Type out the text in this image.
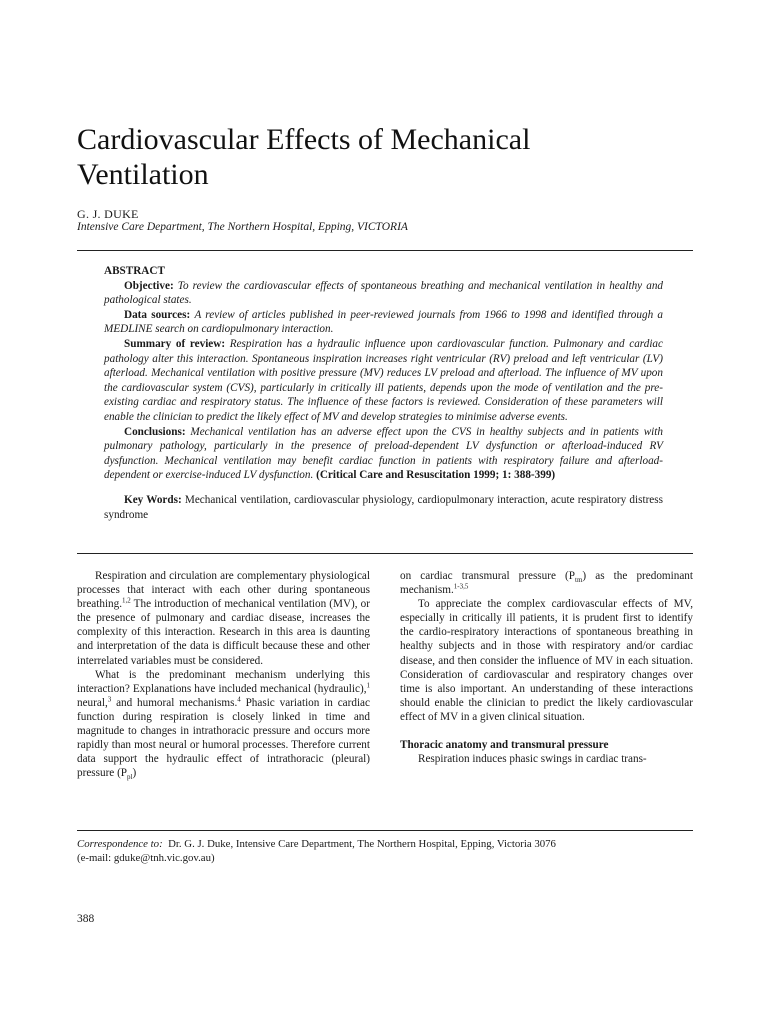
Cardiovascular Effects of Mechanical
Ventilation
G. J. DUKE
Intensive Care Department, The Northern Hospital, Epping, VICTORIA

ABSTRACT

Objective: To review the cardiovascular effects of spontaneous breathing and mechanical ventilation in healthy and pathological states.

Data sources: A review of articles published in peer-reviewed journals from 1966 to 1998 and identified through a MEDLINE search on cardiopulmonary interaction.

Summary of review: Respiration has a hydraulic influence upon cardiovascular function. Pulmonary and cardiac pathology alter this interaction. Spontaneous inspiration increases right ventricular (RV) preload and left ventricular (LV) afterload. Mechanical ventilation with positive pressure (MV) reduces LV preload and afterload. The influence of MV upon the cardiovascular system (CVS), particularly in critically ill patients, depends upon the mode of ventilation and the pre-existing cardiac and respiratory status. The influence of these factors is reviewed. Consideration of these parameters will enable the clinician to predict the likely effect of MV and develop strategies to minimise adverse events.

Conclusions: Mechanical ventilation has an adverse effect upon the CVS in healthy subjects and in patients with pulmonary pathology, particularly in the presence of preload-dependent LV dysfunction or afterload-induced RV dysfunction. Mechanical ventilation may benefit cardiac function in patients with respiratory failure and afterload-dependent or exercise-induced LV dysfunction. (Critical Care and Resuscitation 1999; 1: 388-399)

Key Words: Mechanical ventilation, cardiovascular physiology, cardiopulmonary interaction, acute respiratory distress syndrome

Respiration and circulation are complementary physiological processes that interact with each other during spontaneous breathing.$^{1,2}$ The introduction of mechanical ventilation (MV), or the presence of pulmonary and cardiac disease, increases the complexity of this interaction. Research in this area is daunting and interpretation of the data is difficult because these and other interrelated variables must be considered.

What is the predominant mechanism underlying this interaction? Explanations have included mechanical (hydraulic),$^1$ neural,$^3$ and humoral mechanisms.$^4$ Phasic variation in cardiac function during respiration is closely linked in time and magnitude to changes in intrathoracic pressure and occurs more rapidly than most neural or humoral processes. Therefore current data support the hydraulic effect of intrathoracic (pleural) pressure $(P_{pl})$

on cardiac transmural pressure $(P_{tm})$ as the predominant mechanism.$^{1-3,5}$

To appreciate the complex cardiovascular effects of MV, especially in critically ill patients, it is prudent first to identify the cardio-respiratory interactions of spontaneous breathing in healthy subjects and in those with respiratory and/or cardiac disease, and then consider the influence of MV in each situation. Consideration of cardiovascular and respiratory changes over time is also important. An understanding of these interactions should enable the clinician to predict the likely cardiovascular effect of MV in a given clinical situation.

Thoracic anatomy and transmural pressure

Respiration induces phasic swings in cardiac trans-

Correspondence to: Dr. G. J. Duke, Intensive Care Department, The Northern Hospital, Epping, Victoria 3076
(e-mail: gduke@tnh.vic.gov.au)
388
